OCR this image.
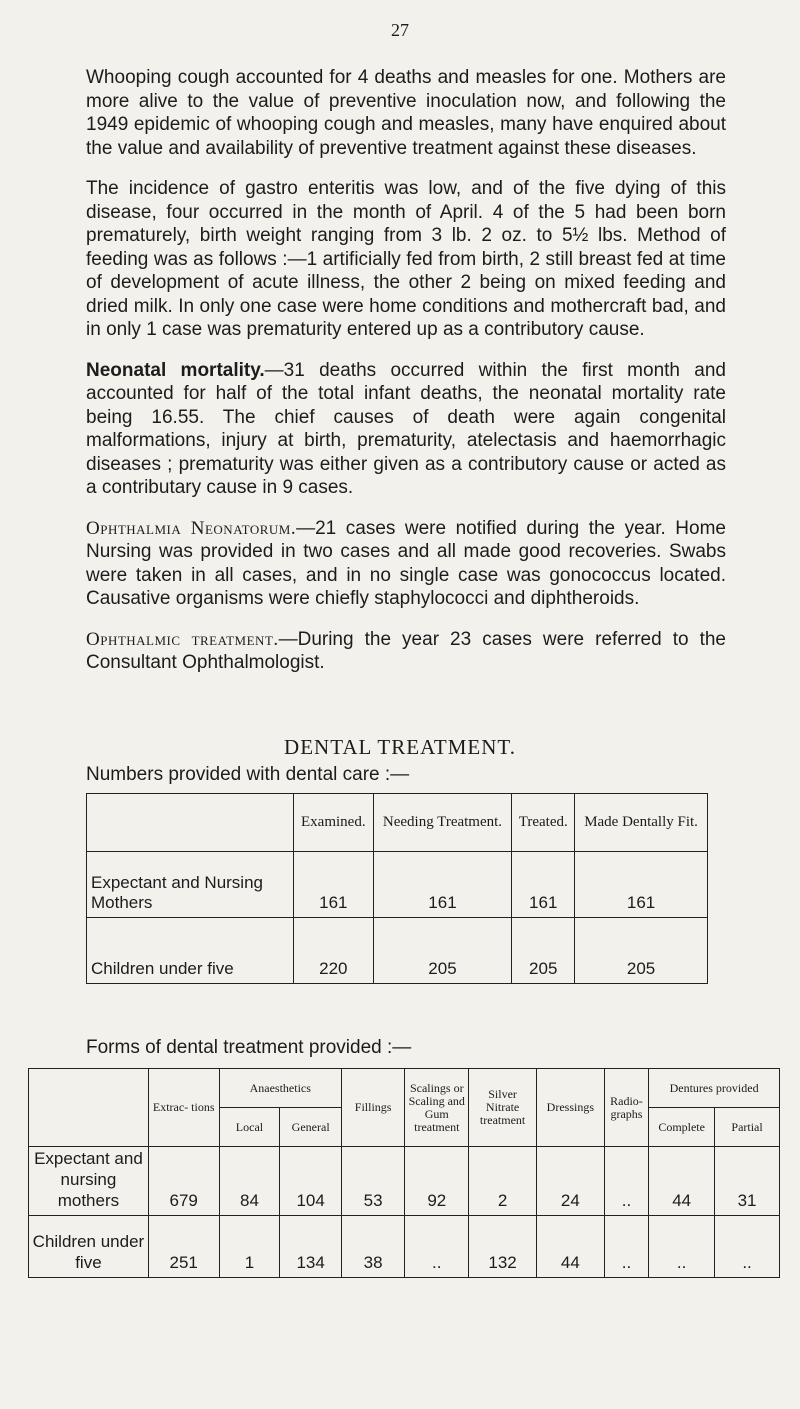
27

Whooping cough accounted for 4 deaths and measles for one. Mothers are more alive to the value of preventive inoculation now, and following the 1949 epidemic of whooping cough and measles, many have enquired about the value and availability of preventive treatment against these diseases.

The incidence of gastro enteritis was low, and of the five dying of this disease, four occurred in the month of April. 4 of the 5 had been born prematurely, birth weight ranging from 3 lb. 2 oz. to 5½ lbs. Method of feeding was as follows :—1 artificially fed from birth, 2 still breast fed at time of development of acute illness, the other 2 being on mixed feeding and dried milk. In only one case were home conditions and mothercraft bad, and in only 1 case was prematurity entered up as a contributory cause.

Neonatal mortality.—31 deaths occurred within the first month and accounted for half of the total infant deaths, the neonatal mortality rate being 16.55. The chief causes of death were again congenital malformations, injury at birth, prematurity, atelectasis and haemorrhagic diseases ; prematurity was either given as a contributory cause or acted as a contributary cause in 9 cases.

Ophthalmia Neonatorum.—21 cases were notified during the year. Home Nursing was provided in two cases and all made good recoveries. Swabs were taken in all cases, and in no single case was gonococcus located. Causative organisms were chiefly staphylococci and diphtheroids.

Ophthalmic treatment.—During the year 23 cases were referred to the Consultant Ophthalmologist.

DENTAL TREATMENT.
Numbers provided with dental care :—
	Examined.	Needing Treatment.	Treated.	Made Dentally Fit.
Expectant and Nursing Mothers	161	161	161	161
Children under five	220	205	205	205
Forms of dental treatment provided :—
	Extrac- tions	Anaesthetics		Fillings	Scalings or Scaling and Gum treatment	Silver Nitrate treatment	Dressings	Radio- graphs	Dentures provided	
		Local	General						Complete	Partial
Expectant and nursing mothers	679	84	104	53	92	2	24	..	44	31
Children under five	251	1	134	38	..	132	44	..	..	..
